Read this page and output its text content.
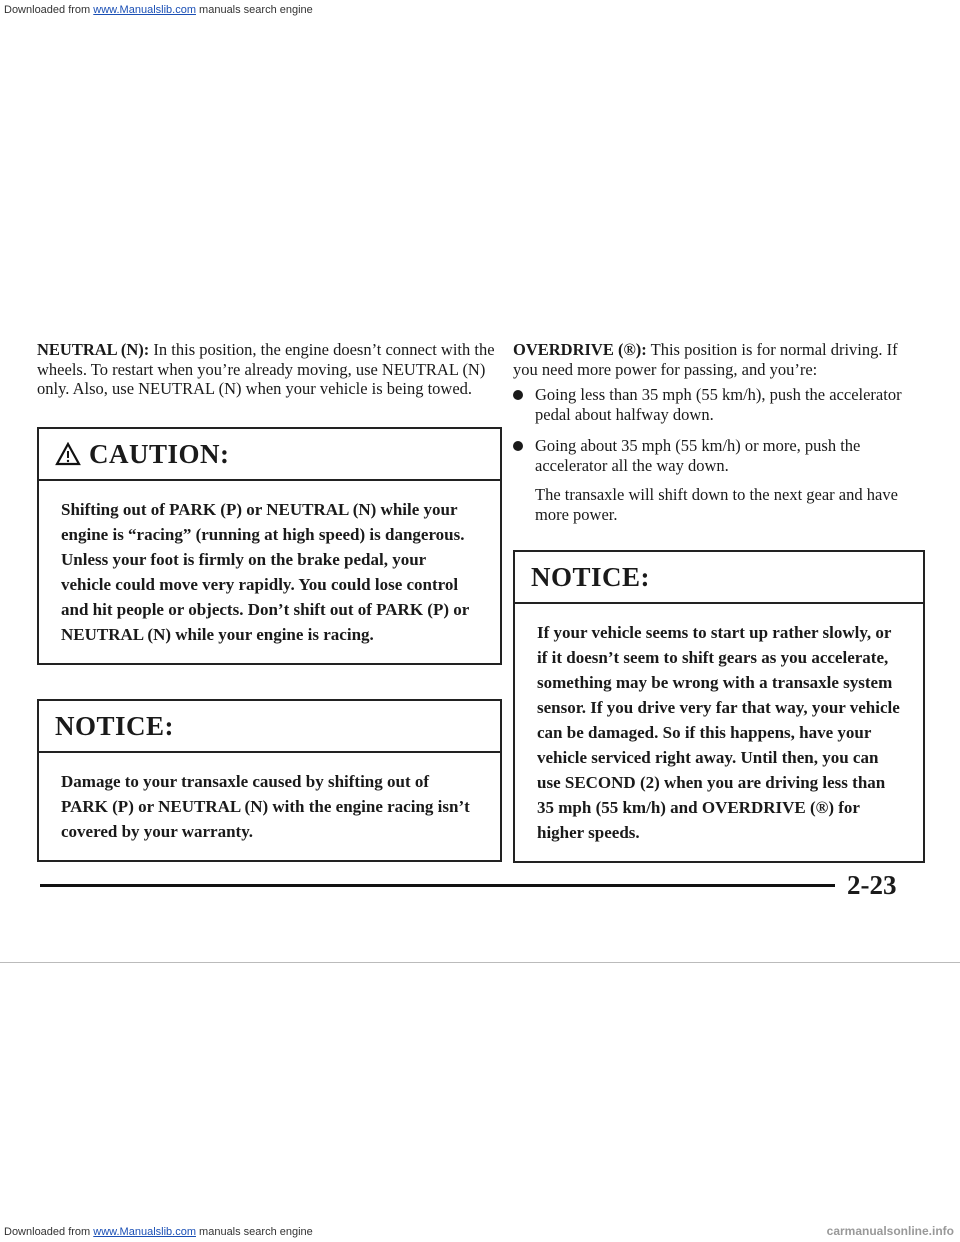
Downloaded from www.Manualslib.com manuals search engine

NEUTRAL (N): In this position, the engine doesn’t connect with the wheels. To restart when you’re already moving, use NEUTRAL (N) only. Also, use NEUTRAL (N) when your vehicle is being towed.

CAUTION:
Shifting out of PARK (P) or NEUTRAL (N) while your engine is “racing” (running at high speed) is dangerous. Unless your foot is firmly on the brake pedal, your vehicle could move very rapidly. You could lose control and hit people or objects. Don’t shift out of PARK (P) or NEUTRAL (N) while your engine is racing.
NOTICE:
Damage to your transaxle caused by shifting out of PARK (P) or NEUTRAL (N) with the engine racing isn’t covered by your warranty.

OVERDRIVE (®): This position is for normal driving. If you need more power for passing, and you’re:

Going less than 35 mph (55 km/h), push the accelerator pedal about halfway down.
Going about 35 mph (55 km/h) or more, push the accelerator all the way down.

The transaxle will shift down to the next gear and have more power.

NOTICE:
If your vehicle seems to start up rather slowly, or if it doesn’t seem to shift gears as you accelerate, something may be wrong with a transaxle system sensor. If you drive very far that way, your vehicle can be damaged. So if this happens, have your vehicle serviced right away. Until then, you can use SECOND (2) when you are driving less than 35 mph (55 km/h) and OVERDRIVE (®) for higher speeds.
2-23
Downloaded from www.Manualslib.com manuals search engine	carmanualsonline.info
